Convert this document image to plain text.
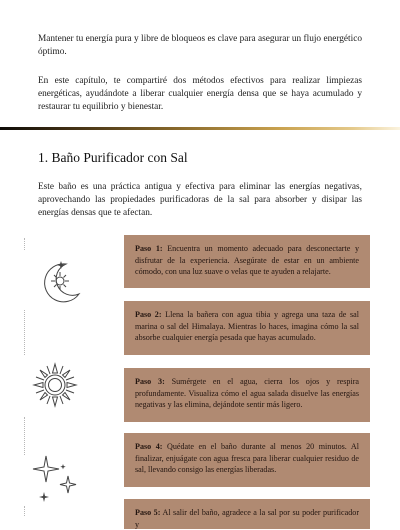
Mantener tu energía pura y libre de bloqueos es clave para asegurar un flujo energético óptimo.

En este capítulo, te compartiré dos métodos efectivos para realizar limpiezas energéticas, ayudándote a liberar cualquier energía densa que se haya acumulado y restaurar tu equilibrio y bienestar.

1. Baño Purificador con Sal

Este baño es una práctica antigua y efectiva para eliminar las energías negativas, aprovechando las propiedades purificadoras de la sal para absorber y disipar las energías densas que te afectan.

Paso 1: Encuentra un momento adecuado para desconectarte y disfrutar de la experiencia. Asegúrate de estar en un ambiente cómodo, con una luz suave o velas que te ayuden a relajarte.
Paso 2: Llena la bañera con agua tibia y agrega una taza de sal marina o sal del Himalaya. Mientras lo haces, imagina cómo la sal absorbe cualquier energía pesada que hayas acumulado.
Paso 3: Sumérgete en el agua, cierra los ojos y respira profundamente. Visualiza cómo el agua salada disuelve las energías negativas y las elimina, dejándote sentir más ligero.
Paso 4: Quédate en el baño durante al menos 20 minutos. Al finalizar, enjuágate con agua fresca para liberar cualquier residuo de sal, llevando consigo las energías liberadas.
Paso 5: Al salir del baño, agradece a la sal por su poder purificador y
